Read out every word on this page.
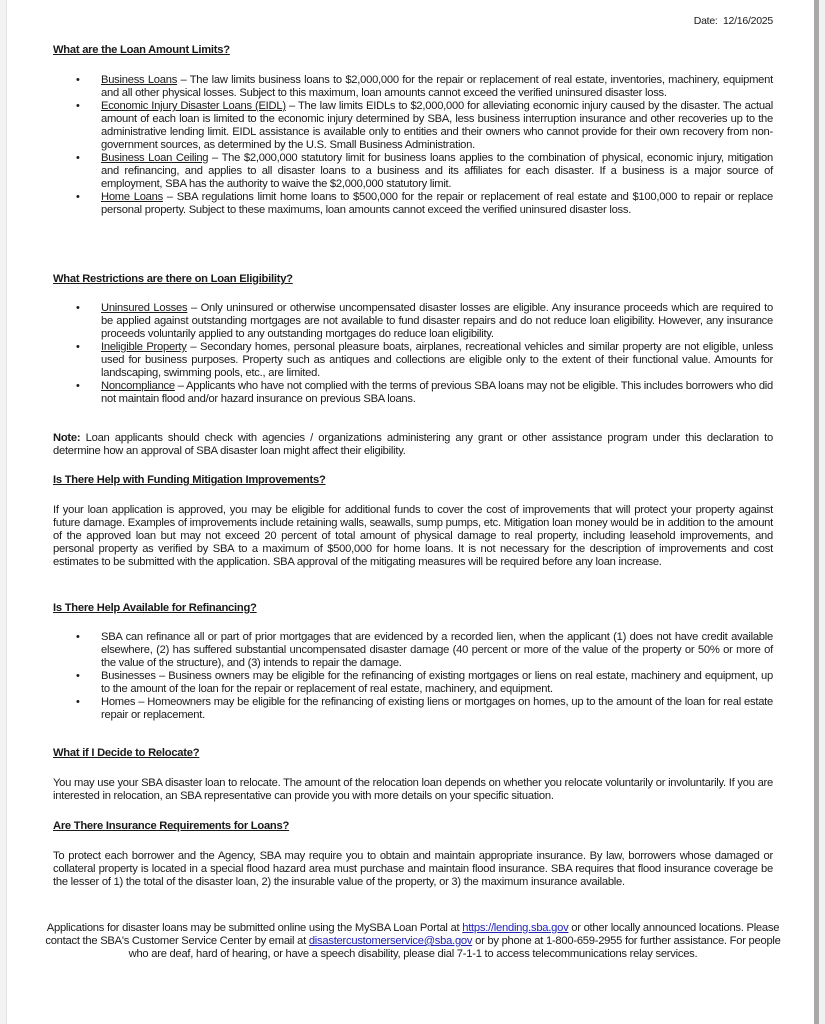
Date: 12/16/2025
What are the Loan Amount Limits?
• Business Loans – The law limits business loans to $2,000,000 for the repair or replacement of real estate, inventories, machinery, equipment and all other physical losses. Subject to this maximum, loan amounts cannot exceed the verified uninsured disaster loss.
• Economic Injury Disaster Loans (EIDL) – The law limits EIDLs to $2,000,000 for alleviating economic injury caused by the disaster. The actual amount of each loan is limited to the economic injury determined by SBA, less business interruption insurance and other recoveries up to the administrative lending limit. EIDL assistance is available only to entities and their owners who cannot provide for their own recovery from non-government sources, as determined by the U.S. Small Business Administration.
• Business Loan Ceiling – The $2,000,000 statutory limit for business loans applies to the combination of physical, economic injury, mitigation and refinancing, and applies to all disaster loans to a business and its affiliates for each disaster. If a business is a major source of employment, SBA has the authority to waive the $2,000,000 statutory limit.
• Home Loans – SBA regulations limit home loans to $500,000 for the repair or replacement of real estate and $100,000 to repair or replace personal property. Subject to these maximums, loan amounts cannot exceed the verified uninsured disaster loss.
What Restrictions are there on Loan Eligibility?
• Uninsured Losses – Only uninsured or otherwise uncompensated disaster losses are eligible. Any insurance proceeds which are required to be applied against outstanding mortgages are not available to fund disaster repairs and do not reduce loan eligibility. However, any insurance proceeds voluntarily applied to any outstanding mortgages do reduce loan eligibility.
• Ineligible Property – Secondary homes, personal pleasure boats, airplanes, recreational vehicles and similar property are not eligible, unless used for business purposes. Property such as antiques and collections are eligible only to the extent of their functional value. Amounts for landscaping, swimming pools, etc., are limited.
• Noncompliance – Applicants who have not complied with the terms of previous SBA loans may not be eligible. This includes borrowers who did not maintain flood and/or hazard insurance on previous SBA loans.

Note: Loan applicants should check with agencies / organizations administering any grant or other assistance program under this declaration to determine how an approval of SBA disaster loan might affect their eligibility.

Is There Help with Funding Mitigation Improvements?

If your loan application is approved, you may be eligible for additional funds to cover the cost of improvements that will protect your property against future damage. Examples of improvements include retaining walls, seawalls, sump pumps, etc. Mitigation loan money would be in addition to the amount of the approved loan but may not exceed 20 percent of total amount of physical damage to real property, including leasehold improvements, and personal property as verified by SBA to a maximum of $500,000 for home loans. It is not necessary for the description of improvements and cost estimates to be submitted with the application. SBA approval of the mitigating measures will be required before any loan increase.

Is There Help Available for Refinancing?
• SBA can refinance all or part of prior mortgages that are evidenced by a recorded lien, when the applicant (1) does not have credit available elsewhere, (2) has suffered substantial uncompensated disaster damage (40 percent or more of the value of the property or 50% or more of the value of the structure), and (3) intends to repair the damage.
• Businesses – Business owners may be eligible for the refinancing of existing mortgages or liens on real estate, machinery and equipment, up to the amount of the loan for the repair or replacement of real estate, machinery, and equipment.
• Homes – Homeowners may be eligible for the refinancing of existing liens or mortgages on homes, up to the amount of the loan for real estate repair or replacement.
What if I Decide to Relocate?

You may use your SBA disaster loan to relocate. The amount of the relocation loan depends on whether you relocate voluntarily or involuntarily. If you are interested in relocation, an SBA representative can provide you with more details on your specific situation.

Are There Insurance Requirements for Loans?

To protect each borrower and the Agency, SBA may require you to obtain and maintain appropriate insurance. By law, borrowers whose damaged or collateral property is located in a special flood hazard area must purchase and maintain flood insurance. SBA requires that flood insurance coverage be the lesser of 1) the total of the disaster loan, 2) the insurable value of the property, or 3) the maximum insurance available.

Applications for disaster loans may be submitted online using the MySBA Loan Portal at https://lending.sba.gov or other locally announced locations. Please contact the SBA's Customer Service Center by email at disastercustomerservice@sba.gov or by phone at 1-800-659-2955 for further assistance. For people who are deaf, hard of hearing, or have a speech disability, please dial 7-1-1 to access telecommunications relay services.
